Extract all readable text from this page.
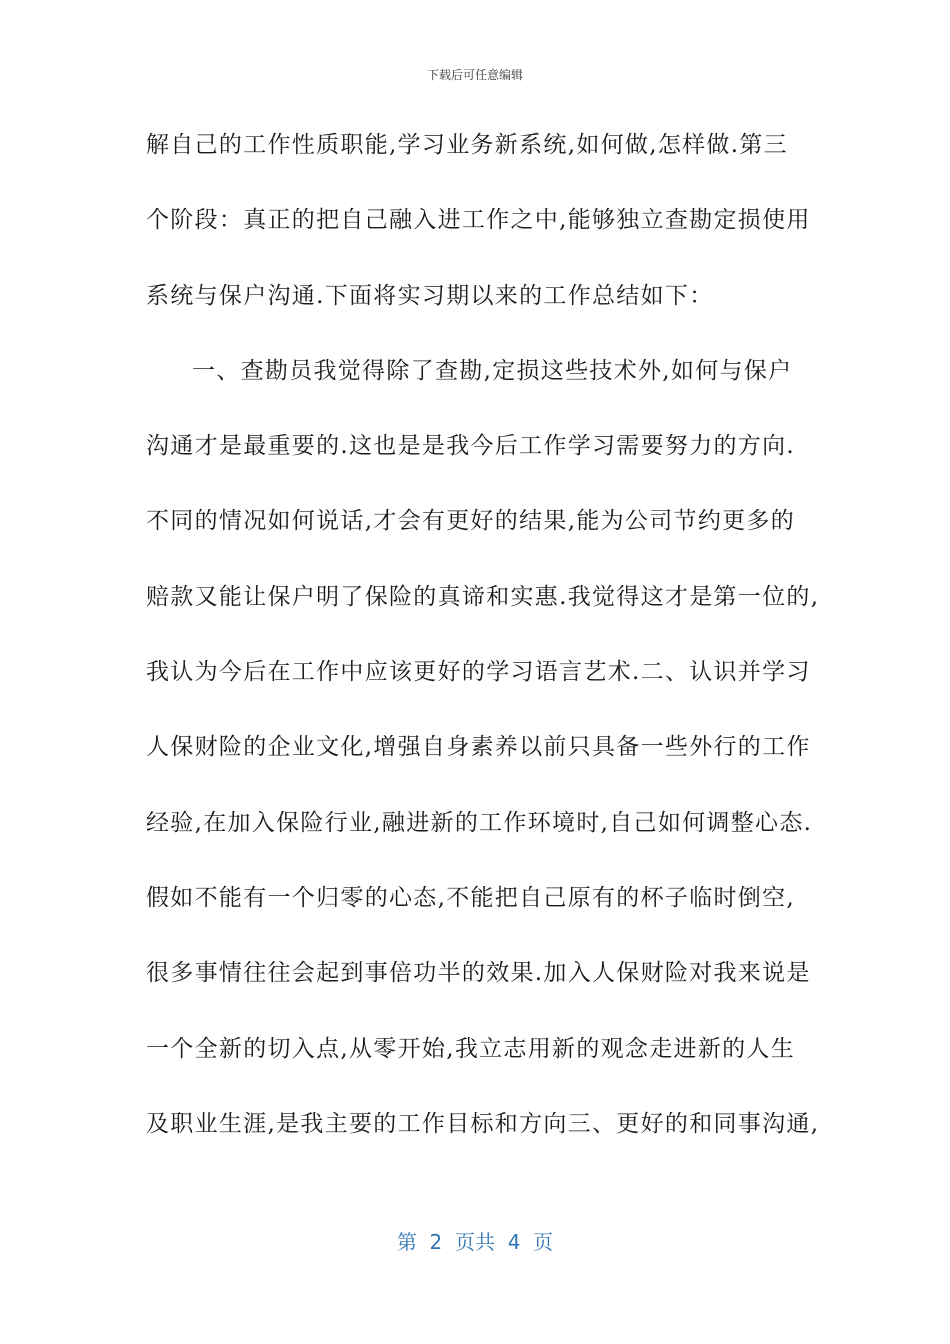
下载后可任意编辑
解自己的工作性质职能,学习业务新系统,如何做,怎样做.第三
个阶段：真正的把自己融入进工作之中,能够独立查勘定损使用
系统与保户沟通.下面将实习期以来的工作总结如下：
一、查勘员我觉得除了查勘,定损这些技术外,如何与保户
沟通才是最重要的.这也是是我今后工作学习需要努力的方向.
不同的情况如何说话,才会有更好的结果,能为公司节约更多的
赔款又能让保户明了保险的真谛和实惠.我觉得这才是第一位的,
我认为今后在工作中应该更好的学习语言艺术.二、认识并学习
人保财险的企业文化,增强自身素养以前只具备一些外行的工作
经验,在加入保险行业,融进新的工作环境时,自己如何调整心态.
假如不能有一个归零的心态,不能把自己原有的杯子临时倒空,
很多事情往往会起到事倍功半的效果.加入人保财险对我来说是
一个全新的切入点,从零开始,我立志用新的观念走进新的人生
及职业生涯,是我主要的工作目标和方向三、更好的和同事沟通,
第  2  页共  4  页
